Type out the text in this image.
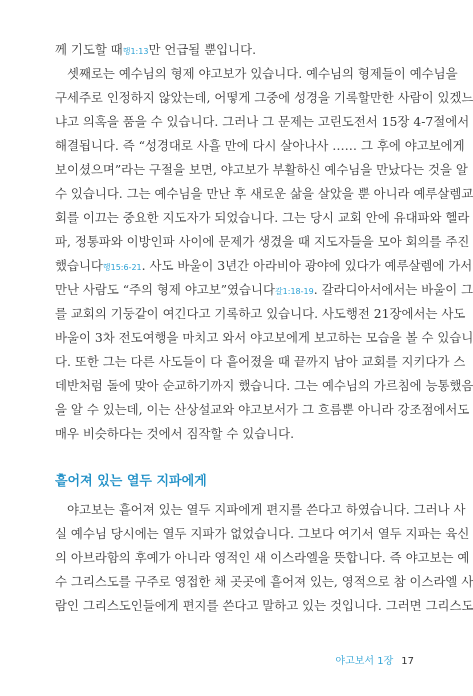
께 기도할 때행1:13만 언급될 뿐입니다.
셋째로는 예수님의 형제 야고보가 있습니다. 예수님의 형제들이 예수님을
구세주로 인정하지 않았는데, 어떻게 그중에 성경을 기록할만한 사람이 있겠느
냐고 의혹을 품을 수 있습니다. 그러나 그 문제는 고린도전서 15장 4-7절에서
해결됩니다. 즉 “성경대로 사흘 만에 다시 살아나사 …… 그 후에 야고보에게
보이셨으며”라는 구절을 보면, 야고보가 부활하신 예수님을 만났다는 것을 알
수 있습니다. 그는 예수님을 만난 후 새로운 삶을 살았을 뿐 아니라 예루살렘교
회를 이끄는 중요한 지도자가 되었습니다. 그는 당시 교회 안에 유대파와 헬라
파, 정통파와 이방인파 사이에 문제가 생겼을 때 지도자들을 모아 회의를 주진
했습니다행15:6-21. 사도 바울이 3년간 아라비아 광야에 있다가 예루살렘에 가서
만난 사람도 “주의 형제 야고보”였습니다갈1:18-19. 갈라디아서에서는 바울이 그
를 교회의 기둥같이 여긴다고 기록하고 있습니다. 사도행전 21장에서는 사도
바울이 3차 전도여행을 마치고 와서 야고보에게 보고하는 모습을 볼 수 있습니
다. 또한 그는 다른 사도들이 다 흩어졌을 때 끝까지 남아 교회를 지키다가 스
데반처럼 돌에 맞아 순교하기까지 했습니다. 그는 예수님의 가르침에 능통했음
흩어져 있는 열두 지파에게
야고보는 흩어져 있는 열두 지파에게 편지를 쓴다고 하였습니다. 그러나 사
실 예수님 당시에는 열두 지파가 없었습니다. 그보다 여기서 열두 지파는 육신
의 아브라함의 후예가 아니라 영적인 새 이스라엘을 뜻합니다. 즉 야고보는 예
수 그리스도를 구주로 영접한 채 곳곳에 흩어져 있는, 영적으로 참 이스라엘 사
람인 그리스도인들에게 편지를 쓴다고 말하고 있는 것입니다. 그러면 그리스도
야고보서 1장 17
을 알 수 있는데, 이는 산상설교와 야고보서가 그 흐름뿐 아니라 강조점에서도
매우 비슷하다는 것에서 짐작할 수 있습니다.
